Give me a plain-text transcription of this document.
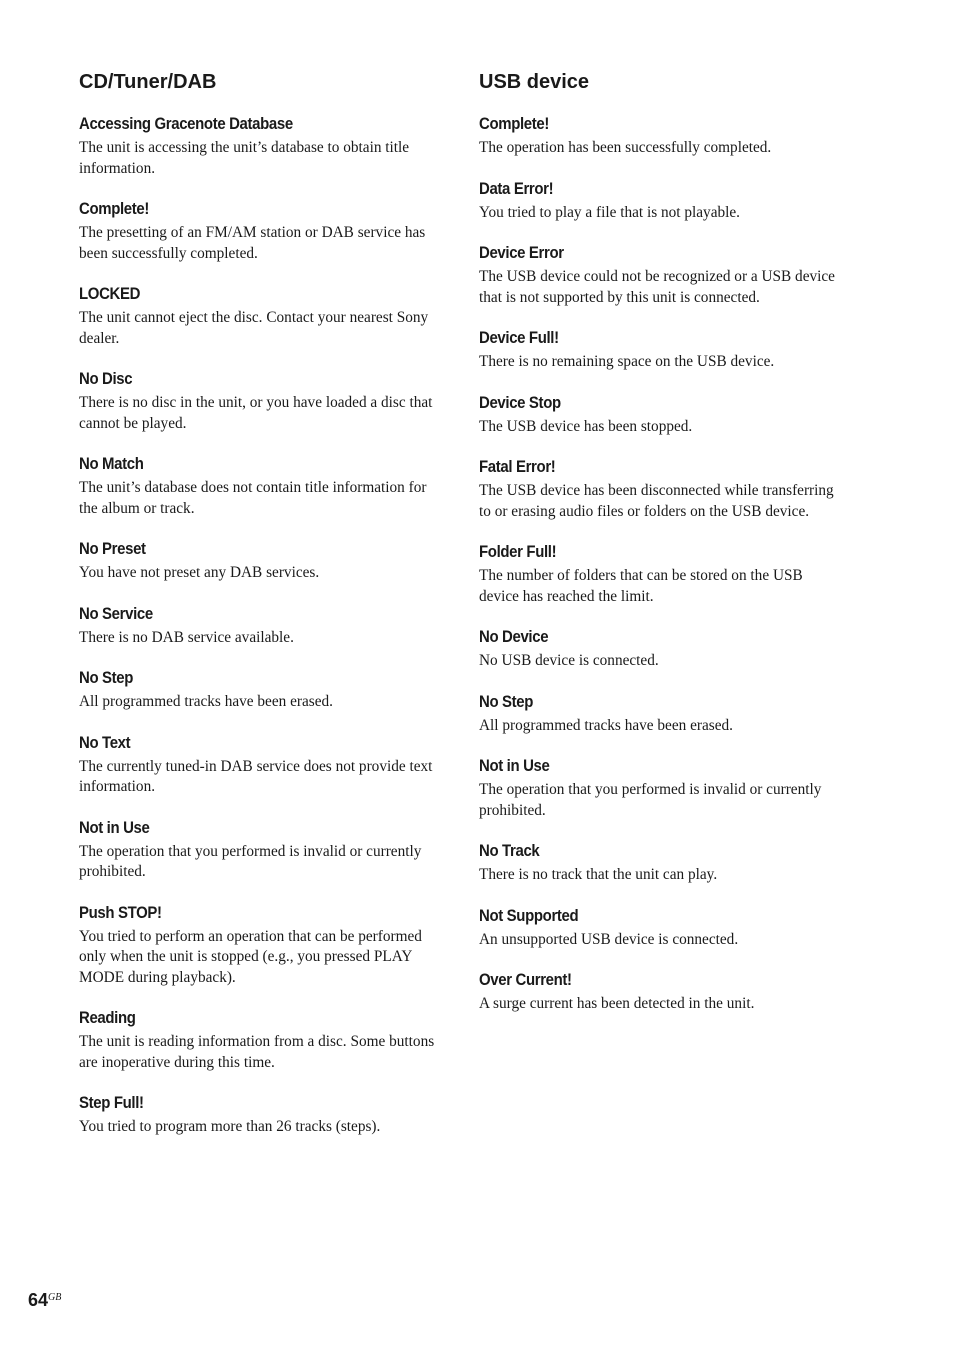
CD/Tuner/DAB
Accessing Gracenote Database

The unit is accessing the unit’s database to obtain title information.

Complete!

The presetting of an FM/AM station or DAB service has been successfully completed.

LOCKED

The unit cannot eject the disc. Contact your nearest Sony dealer.

No Disc

There is no disc in the unit, or you have loaded a disc that cannot be played.

No Match

The unit’s database does not contain title information for the album or track.

No Preset

You have not preset any DAB services.

No Service

There is no DAB service available.

No Step

All programmed tracks have been erased.

No Text

The currently tuned-in DAB service does not provide text information.

Not in Use

The operation that you performed is invalid or currently prohibited.

Push STOP!

You tried to perform an operation that can be performed only when the unit is stopped (e.g., you pressed PLAY MODE during playback).

Reading

The unit is reading information from a disc. Some buttons are inoperative during this time.

Step Full!

You tried to program more than 26 tracks (steps).

USB device
Complete!

The operation has been successfully completed.

Data Error!

You tried to play a file that is not playable.

Device Error

The USB device could not be recognized or a USB device that is not supported by this unit is connected.

Device Full!

There is no remaining space on the USB device.

Device Stop

The USB device has been stopped.

Fatal Error!

The USB device has been disconnected while transferring to or erasing audio files or folders on the USB device.

Folder Full!

The number of folders that can be stored on the USB device has reached the limit.

No Device

No USB device is connected.

No Step

All programmed tracks have been erased.

Not in Use

The operation that you performed is invalid or currently prohibited.

No Track

There is no track that the unit can play.

Not Supported

An unsupported USB device is connected.

Over Current!

A surge current has been detected in the unit.

$64^{GB}$
